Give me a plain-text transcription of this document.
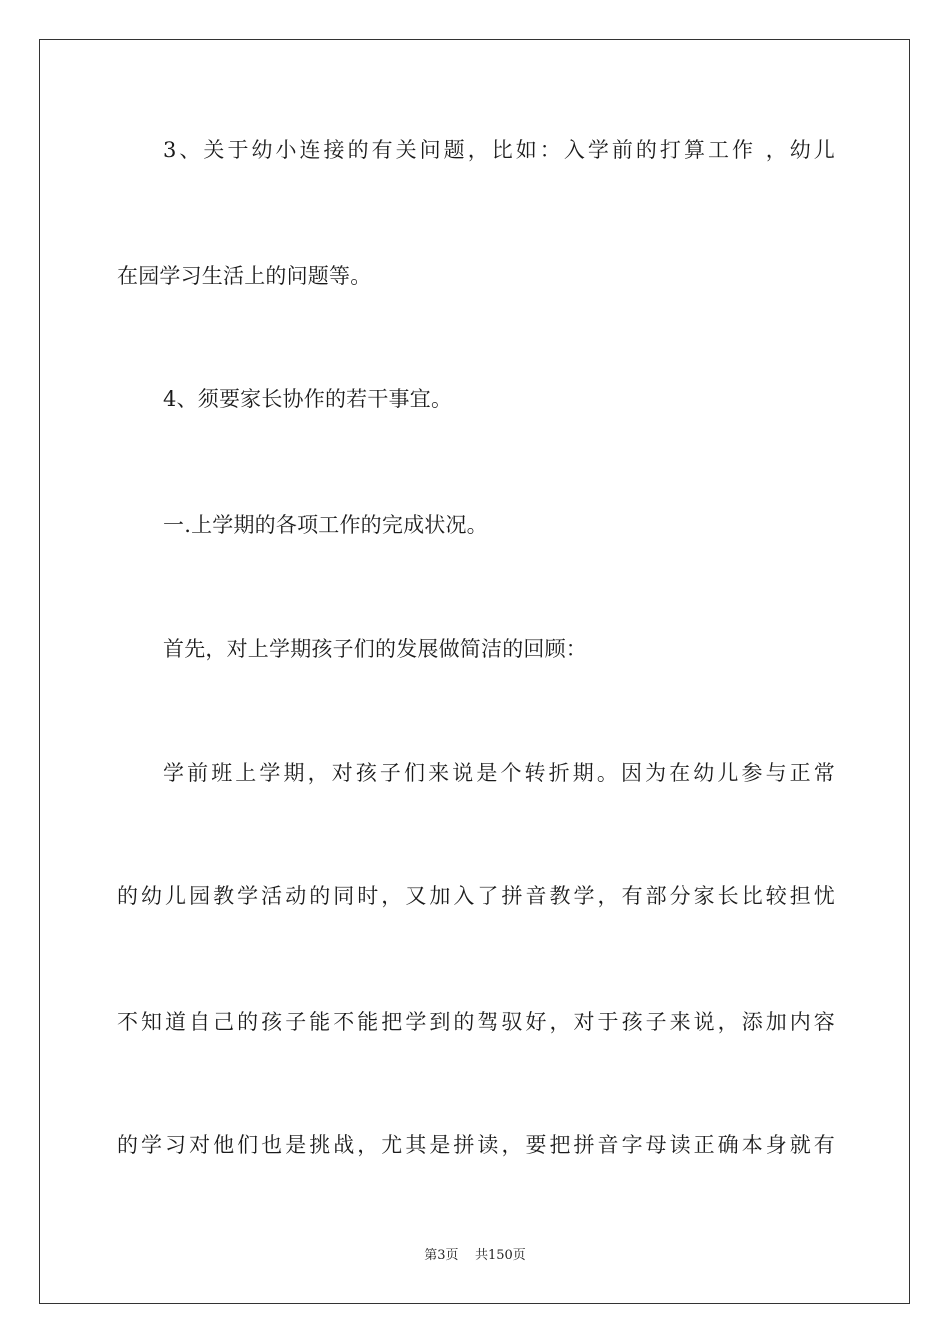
3、关于幼小连接的有关问题，比如：入学前的打算工作 ，幼儿
在园学习生活上的问题等。
4、须要家长协作的若干事宜。
一.上学期的各项工作的完成状况。
首先，对上学期孩子们的发展做简洁的回顾：
学前班上学期，对孩子们来说是个转折期。因为在幼儿参与正常
的幼儿园教学活动的同时，又加入了拼音教学，有部分家长比较担忧
不知道自己的孩子能不能把学到的驾驭好，对于孩子来说，添加内容
的学习对他们也是挑战，尤其是拼读，要把拼音字母读正确本身就有
第3页    共150页
